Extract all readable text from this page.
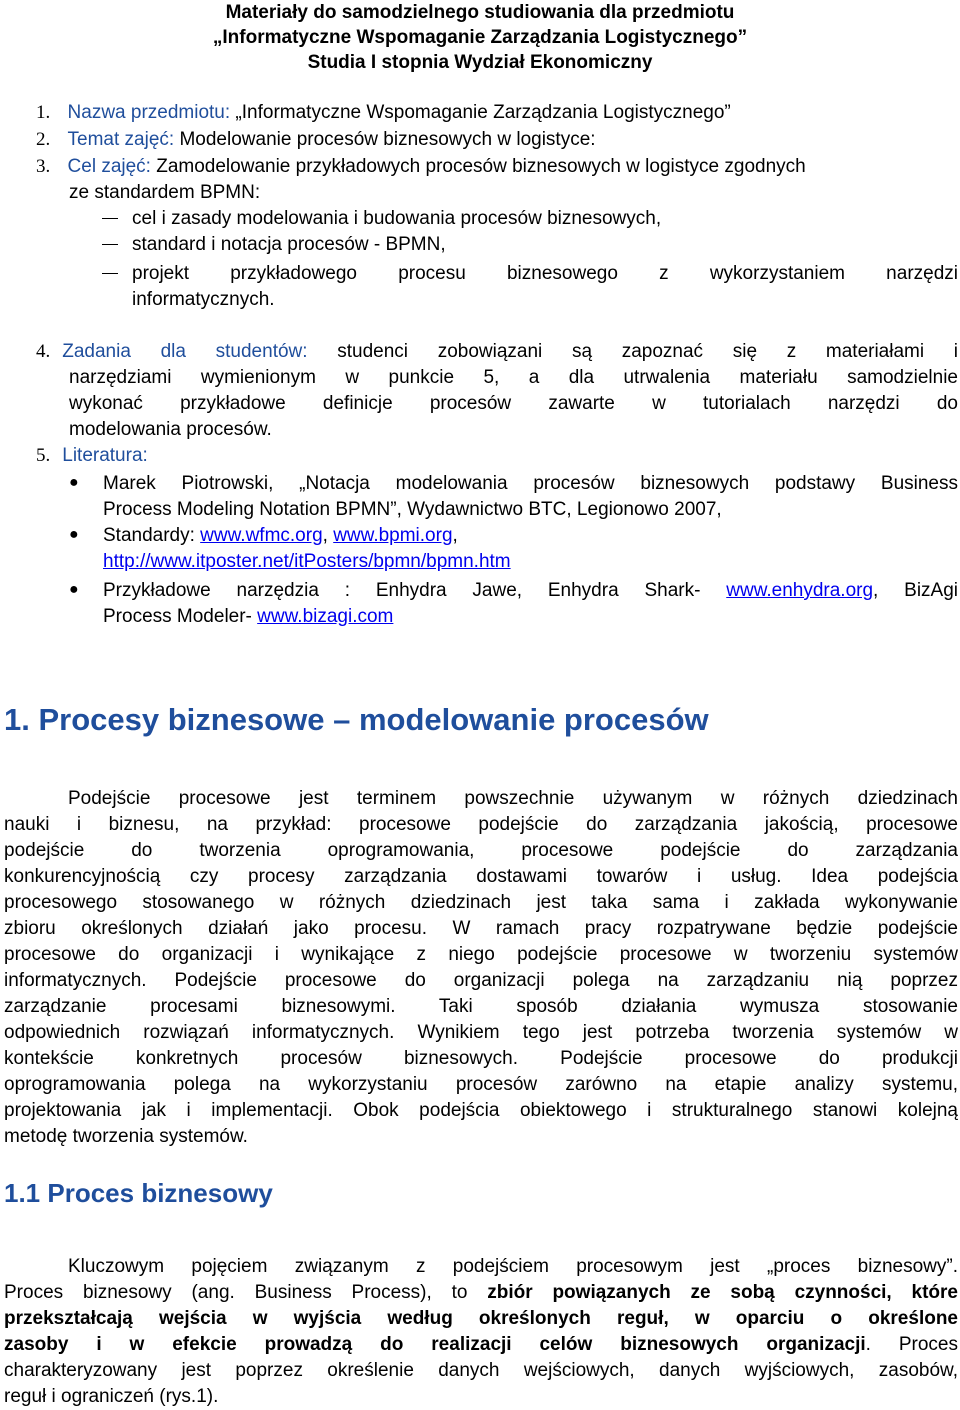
Materiały do samodzielnego studiowania dla przedmiotu
„Informatyczne Wspomaganie Zarządzania Logistycznego”
Studia I stopnia Wydział Ekonomiczny
1. Nazwa przedmiotu: „Informatyczne Wspomaganie Zarządzania Logistycznego”
2. Temat zajęć: Modelowanie procesów biznesowych w logistyce:
3. Cel zajęć: Zamodelowanie przykładowych procesów biznesowych w logistyce zgodnych
ze standardem BPMN:
cel i zasady modelowania i budowania procesów biznesowych,
standard i notacja procesów - BPMN,
projekt przykładowego procesu biznesowego z wykorzystaniem narzędzi
informatycznych.
4. Zadania dla studentów: studenci zobowiązani są zapoznać się z materiałami i
narzędziami wymienionym w punkcie 5, a dla utrwalenia materiału samodzielnie
wykonać przykładowe definicje procesów zawarte w tutorialach narzędzi do
modelowania procesów.
5. Literatura:
● Marek Piotrowski, „Notacja modelowania procesów biznesowych podstawy Business
Process Modeling Notation BPMN”, Wydawnictwo BTC, Legionowo 2007,
● Standardy: www.wfmc.org, www.bpmi.org,
http://www.itposter.net/itPosters/bpmn/bpmn.htm
● Przykładowe narzędzia : Enhydra Jawe, Enhydra Shark- www.enhydra.org, BizAgi
Process Modeler- www.bizagi.com
1. Procesy biznesowe – modelowanie procesów
Podejście procesowe jest terminem powszechnie używanym w różnych dziedzinach
nauki i biznesu, na przykład: procesowe podejście do zarządzania jakością, procesowe
podejście do tworzenia oprogramowania, procesowe podejście do zarządzania
konkurencyjnością czy procesy zarządzania dostawami towarów i usług. Idea podejścia
procesowego stosowanego w różnych dziedzinach jest taka sama i zakłada wykonywanie
zbioru określonych działań jako procesu. W ramach pracy rozpatrywane będzie podejście
procesowe do organizacji i wynikające z niego podejście procesowe w tworzeniu systemów
informatycznych. Podejście procesowe do organizacji polega na zarządzaniu nią poprzez
zarządzanie procesami biznesowymi. Taki sposób działania wymusza stosowanie
odpowiednich rozwiązań informatycznych. Wynikiem tego jest potrzeba tworzenia systemów w
kontekście konkretnych procesów biznesowych. Podejście procesowe do produkcji
oprogramowania polega na wykorzystaniu procesów zarówno na etapie analizy systemu,
projektowania jak i implementacji. Obok podejścia obiektowego i strukturalnego stanowi kolejną
metodę tworzenia systemów.
1.1 Proces biznesowy
Kluczowym pojęciem związanym z podejściem procesowym jest „proces biznesowy”.
Proces biznesowy (ang. Business Process), to zbiór powiązanych ze sobą czynności, które
przekształcają wejścia w wyjścia według określonych reguł, w oparciu o określone
zasoby i w efekcie prowadzą do realizacji celów biznesowych organizacji. Proces
charakteryzowany jest poprzez określenie danych wejściowych, danych wyjściowych, zasobów,
reguł i ograniczeń (rys.1).
